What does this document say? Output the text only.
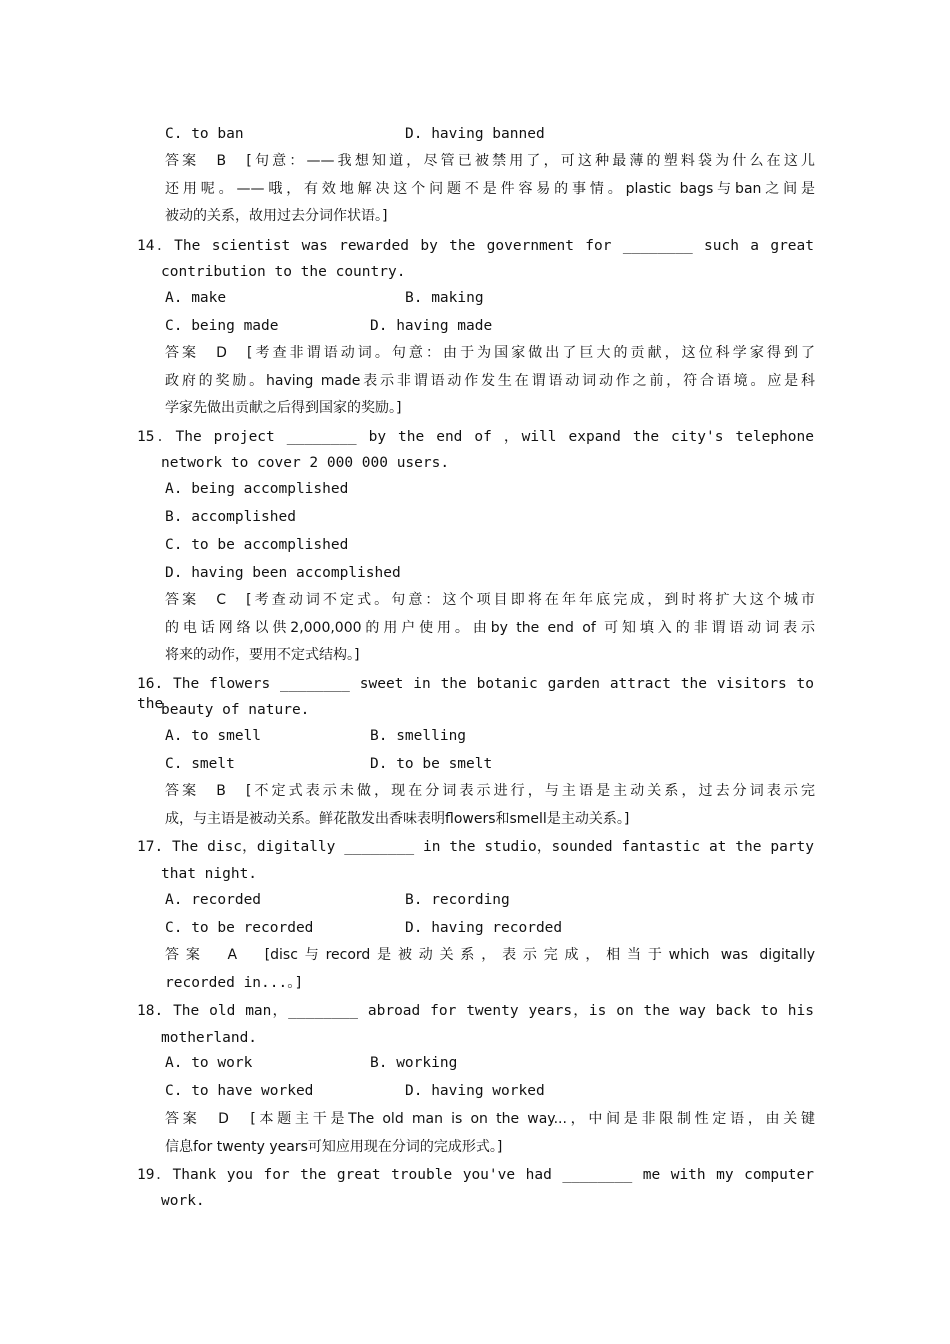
C. to ban	D. having banned
答案　B　[句意：——我想知道，尽管已被禁用了，可这种最薄的塑料袋为什么在这儿
还用呢。——哦，有效地解决这个问题不是件容易的事情。plastic bags与ban之间是
被动的关系，故用过去分词作状语。]
14．The scientist was rewarded by the government for ________ such a great
contribution to the country.
A. make	B. making
C. being made	D. having made
答案　D　[考查非谓语动词。句意：由于为国家做出了巨大的贡献，这位科学家得到了
政府的奖励。having made表示非谓语动作发生在谓语动词动作之前，符合语境。应是科
学家先做出贡献之后得到国家的奖励。]
15．The project ________ by the end of ，will expand the city's telephone
network to cover 2 000 000 users.
A. being accomplished
B. accomplished
C. to be accomplished
D. having been accomplished
答案　C　[考查动词不定式。句意：这个项目即将在年年底完成，到时将扩大这个城市
的电话网络以供2,000,000的用户使用。由by the end of 可知填入的非谓语动词表示
将来的动作，要用不定式结构。]
16. The flowers ________ sweet in the botanic garden attract the visitors to the
beauty of nature.
A. to smell	B. smelling
C. smelt	D. to be smelt
答案　B　[不定式表示未做，现在分词表示进行，与主语是主动关系，过去分词表示完
成，与主语是被动关系。鲜花散发出香味表明flowers和smell是主动关系。]
17. The disc，digitally ________ in the studio，sounded fantastic at the party
that night.
A. recorded	B. recording
C. to be recorded	D. having recorded
答案　A　[disc与record是被动关系，表示完成，相当于which was digitally
recorded in...。]
18. The old man，________ abroad for twenty years，is on the way back to his
motherland.
A. to work	B. working
C. to have worked	D. having worked
答案　D　[本题主干是The old man is on the way...，中间是非限制性定语，由关键
信息for twenty years可知应用现在分词的完成形式。]
19．Thank you for the great trouble you've had ________ me with my computer
work.
